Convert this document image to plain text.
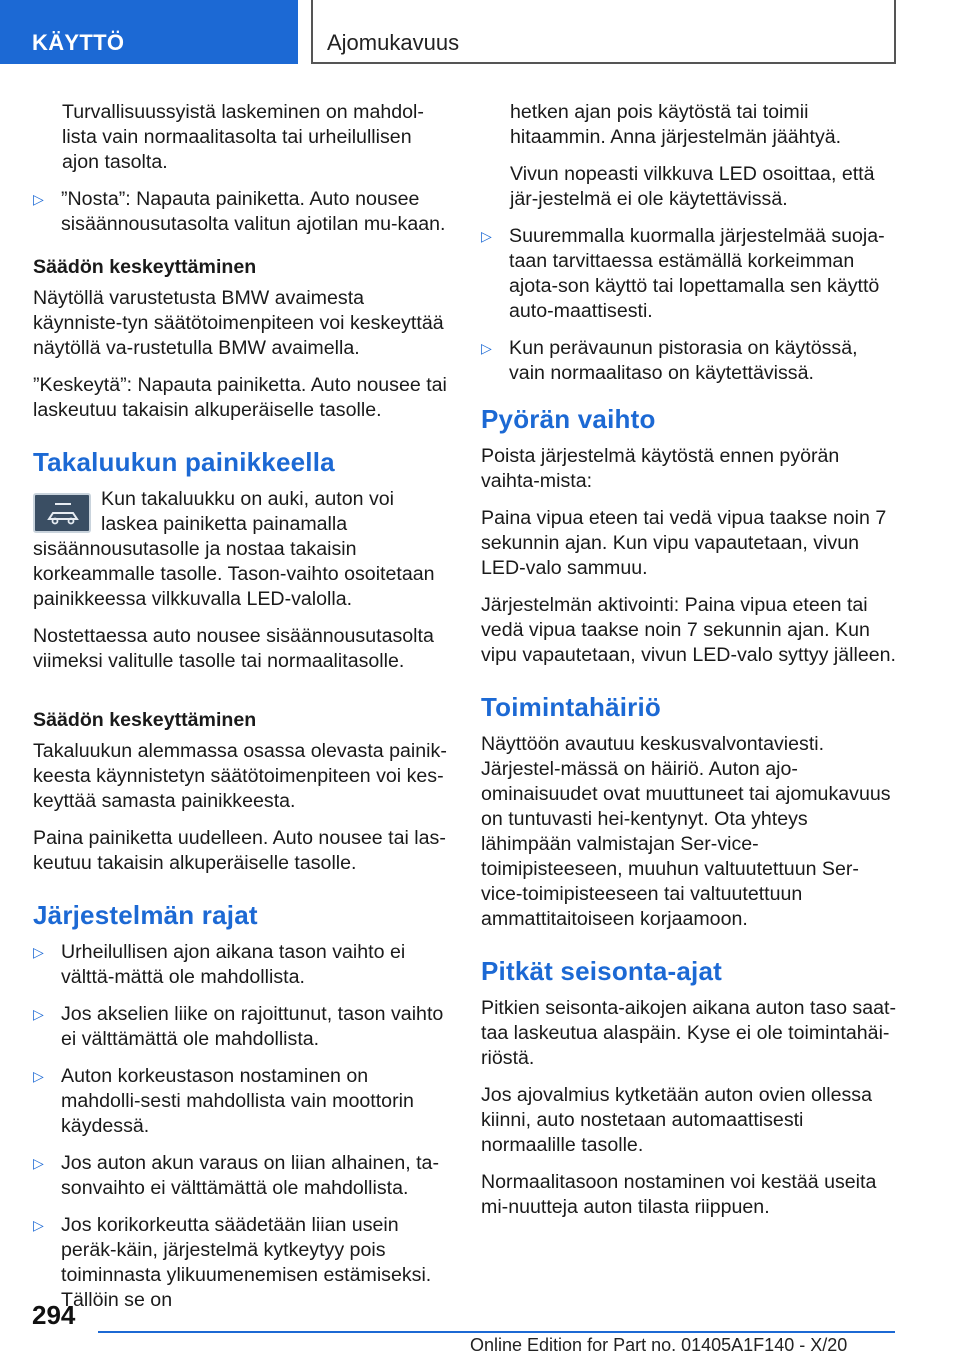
KÄYTTÖ	Ajomukavuus

Turvallisuussyistä laskeminen on mahdol-lista vain normaalitasolta tai urheilullisen ajon tasolta.

▷ ”Nosta”: Napauta painiketta. Auto nousee sisäännousutasolta valitun ajotilan mu-kaan.
Säädön keskeyttäminen

Näytöllä varustetusta BMW avaimesta käynniste-tyn säätötoimenpiteen voi keskeyttää näytöllä va-rustetulla BMW avaimella.

”Keskeytä”: Napauta painiketta. Auto nousee tai laskeutuu takaisin alkuperäiselle tasolle.

Takaluukun painikkeella

Kun takaluukku on auki, auton voi laskea painiketta painamalla sisäännousutasolle ja nostaa takaisin korkeammalle tasolle. Tason-vaihto osoitetaan painikkeessa vilkkuvalla LED-valolla.

Nostettaessa auto nousee sisäännousutasolta viimeksi valitulle tasolle tai normaalitasolle.

Säädön keskeyttäminen

Takaluukun alemmassa osassa olevasta painik-keesta käynnistetyn säätötoimenpiteen voi kes-keyttää samasta painikkeesta.

Paina painiketta uudelleen. Auto nousee tai las-keutuu takaisin alkuperäiselle tasolle.

Järjestelmän rajat
▷ Urheilullisen ajon aikana tason vaihto ei välttä-mättä ole mahdollista.
▷ Jos akselien liike on rajoittunut, tason vaihto ei välttämättä ole mahdollista.
▷ Auton korkeustason nostaminen on mahdolli-sesti mahdollista vain moottorin käydessä.
▷ Jos auton akun varaus on liian alhainen, ta-sonvaihto ei välttämättä ole mahdollista.
▷ Jos korikorkeutta säädetään liian usein peräk-käin, järjestelmä kytkeytyy pois toiminnasta ylikuumenemisen estämiseksi. Tällöin se on

hetken ajan pois käytöstä tai toimii hitaammin. Anna järjestelmän jäähtyä.

Vivun nopeasti vilkkuva LED osoittaa, että jär-jestelmä ei ole käytettävissä.

▷ Suuremmalla kuormalla järjestelmää suoja-taan tarvittaessa estämällä korkeimman ajota-son käyttö tai lopettamalla sen käyttö auto-maattisesti.
▷ Kun perävaunun pistorasia on käytössä, vain normaalitaso on käytettävissä.
Pyörän vaihto

Poista järjestelmä käytöstä ennen pyörän vaihta-mista:

Paina vipua eteen tai vedä vipua taakse noin 7 sekunnin ajan. Kun vipu vapautetaan, vivun LED-valo sammuu.

Järjestelmän aktivointi: Paina vipua eteen tai vedä vipua taakse noin 7 sekunnin ajan. Kun vipu vapautetaan, vivun LED-valo syttyy jälleen.

Toimintahäiriö

Näyttöön avautuu keskusvalvontaviesti. Järjestel-mässä on häiriö. Auton ajo-ominaisuudet ovat muuttuneet tai ajomukavuus on tuntuvasti hei-kentynyt. Ota yhteys lähimpään valmistajan Ser-vice-toimipisteeseen, muuhun valtuutettuun Ser-vice-toimipisteeseen tai valtuutettuun ammattitaitoiseen korjaamoon.

Pitkät seisonta-ajat

Pitkien seisonta-aikojen aikana auton taso saat-taa laskeutua alaspäin. Kyse ei ole toimintahäi-riöstä.

Jos ajovalmius kytketään auton ovien ollessa kiinni, auto nostetaan automaattisesti normaalille tasolle.

Normaalitasoon nostaminen voi kestää useita mi-nuutteja auton tilasta riippuen.

294
Online Edition for Part no. 01405A1F140 - X/20
